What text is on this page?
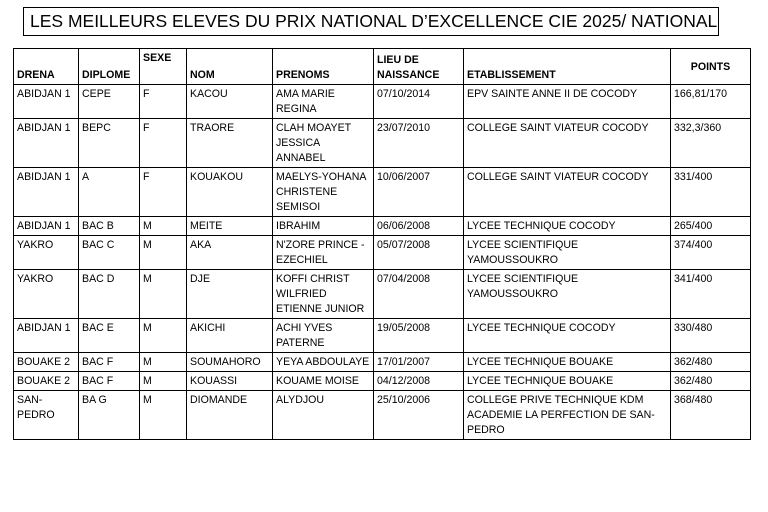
LES MEILLEURS ELEVES DU PRIX NATIONAL D’EXCELLENCE CIE 2025/ NATIONAL
DRENA	DIPLOME	SEXE	NOM	PRENOMS	LIEU DE NAISSANCE	ETABLISSEMENT	POINTS
ABIDJAN 1	CEPE	F	KACOU	AMA MARIE REGINA	07/10/2014	EPV SAINTE ANNE II DE COCODY	166,81/170
ABIDJAN 1	BEPC	F	TRAORE	CLAH MOAYET JESSICA ANNABEL	23/07/2010	COLLEGE SAINT VIATEUR COCODY	332,3/360
ABIDJAN 1	A	F	KOUAKOU	MAELYS-YOHANA CHRISTENE SEMISOI	10/06/2007	COLLEGE SAINT VIATEUR COCODY	331/400
ABIDJAN 1	BAC B	M	MEITE	IBRAHIM	06/06/2008	LYCEE TECHNIQUE COCODY	265/400
YAKRO	BAC C	M	AKA	N'ZORE PRINCE - EZECHIEL	05/07/2008	LYCEE SCIENTIFIQUE YAMOUSSOUKRO	374/400
YAKRO	BAC D	M	DJE	KOFFI CHRIST WILFRIED ETIENNE JUNIOR	07/04/2008	LYCEE SCIENTIFIQUE YAMOUSSOUKRO	341/400
ABIDJAN 1	BAC E	M	AKICHI	ACHI YVES PATERNE	19/05/2008	LYCEE TECHNIQUE COCODY	330/480
BOUAKE 2	BAC F	M	SOUMAHORO	YEYA ABDOULAYE	17/01/2007	LYCEE TECHNIQUE BOUAKE	362/480
BOUAKE 2	BAC F	M	KOUASSI	KOUAME MOISE	04/12/2008	LYCEE TECHNIQUE BOUAKE	362/480
SAN-PEDRO	BA G	M	DIOMANDE	ALYDJOU	25/10/2006	COLLEGE PRIVE TECHNIQUE KDM ACADEMIE LA PERFECTION DE SAN-PEDRO	368/480
